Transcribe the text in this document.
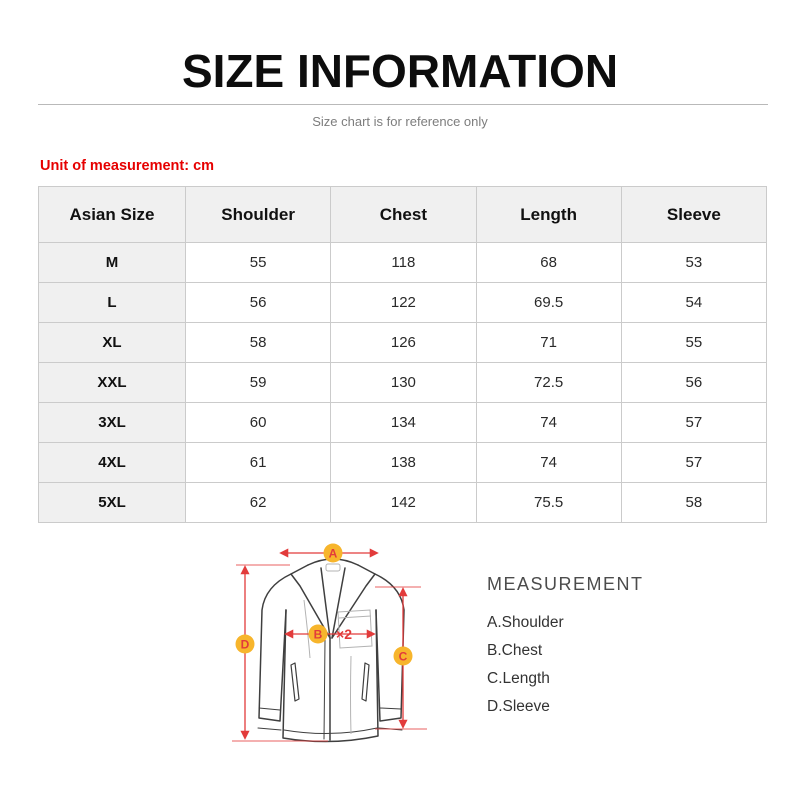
SIZE INFORMATION
Size chart is for reference only
Unit of measurement: cm
Asian Size	Shoulder	Chest	Length	Sleeve
M	55	118	68	53
L	56	122	69.5	54
XL	58	126	71	55
XXL	59	130	72.5	56
3XL	60	134	74	57
4XL	61	138	74	57
5XL	62	142	75.5	58
A
B ×2
C
D
MEASUREMENT
A.Shoulder
B.Chest
C.Length
D.Sleeve
